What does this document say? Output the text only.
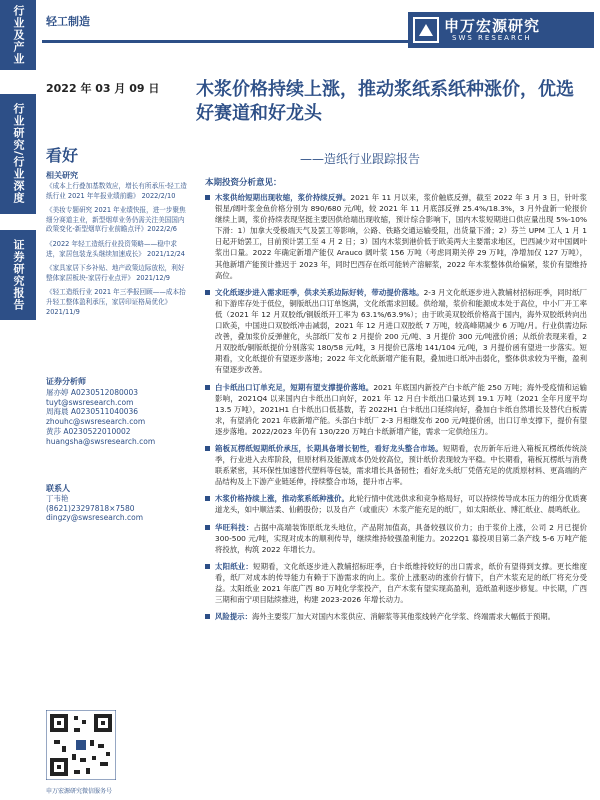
行业及产业
行业研究/行业深度
证券研究报告
轻工制造	申万宏源研究
SWS RESEARCH
2022 年 03 月 09 日 木浆价格持续上涨，推动浆纸系纸种涨价，优选好赛道和好龙头
——造纸行业跟踪报告
看好
相关研究
《成本上行叠加基数效应，增长有所承压-轻工造纸行业 2021 年年报业绩前瞻》 2022/2/10
《美妆专题研究 2021 年业绩快报，进一步聚焦细分赛道主业，新型烟草业务仍需关注美国国内政策变化-新型烟草行业前瞻点评》2022/2/6
《2022 年轻工造纸行业投资策略——稳中求进，家居包装龙头继续加速成长》 2021/12/24
《家具家居下乡补贴、地产政策边际放松，利好整体家居板块-家居行业点评》 2021/12/9
《轻工造纸行业 2021 年三季报回顾——成本抬升轻工整体盈利承压，家居印证格局优化》2021/11/9
证券分析师
屠亦婷 A0230512080003
tuyt@swsresearch.com
周海晨 A0230511040036
zhouhc@swsresearch.com
黄莎 A0230522010002
huangsha@swsresearch.com
联系人
丁韦艳
(8621)23297818×7580
dingzy@swsresearch.com
申万宏源研究微信服务号
本期投资分析意见：
木浆供给短期出现收缩，浆价持续反弹。2021 年 11 月以来，浆价触底反弹，截至 2022 年 3 月 3 日，针叶浆银星/阔叶浆金鱼价格分别为 890/680 元/吨，较 2021 年 11 月底部反弹 25.4%/18.3%，3 月外盘新一轮报价继续上调，浆价持续表现坚挺主要因供给端出现收缩，预计综合影响下，国内木浆短期进口供应量出现 5%-10%下滑：1）加拿大受极端天气及罢工等影响，公路、铁路交通运输受阻，出货量下滑；2）芬兰 UPM 工人 1 月 1 日起开始罢工，目前预计罢工至 4 月 2 日；3）国内木浆到港价低于欧美两大主要需求地区，巴西减少对中国阔叶浆出口量。2022 年确定新增产能仅 Arauco 阔叶浆 156 万吨（考虑同期关停 29 万吨，净增加仅 127 万吨），其他新增产能预计推迟于 2023 年，同时巴西存在纸可能转产溶解浆，2022 年木浆整体供给偏紧，浆价有望维持高位。
文化纸逐步进入需求旺季，供求关系边际好转，带动提价落地。2-3 月文化纸逐步进入教辅材招标旺季，同时纸厂和下游库存处于低位，铜版纸出口订单饱满，文化纸需求回暖。供给端，浆价和能源成本处于高位，中小厂开工率低（2021 年 12 月双胶纸/铜版纸开工率为 63.1%/63.9%）；由于欧美双胶纸价格高于国内，海外双胶纸转向出口欧美，中国进口双胶纸冲击减弱，2021 年 12 月进口双胶纸 7 万吨，较高峰期减少 6 万吨/月。行业供需边际改善，叠加浆价反弹催化，头部纸厂发布 2 月提价 200 元/吨、3 月提价 300 元/吨涨价函；从纸价表现来看，2 月双胶纸/铜版纸提价分别落实 180/58 元/吨，3 月提价已落地 141/104 元/吨，3 月提价函有望进一步落实。短期看，文化纸提价有望逐步落地；2022 年文化纸新增产能有限，叠加进口纸冲击弱化，整体供求较为平衡，盈利有望逐步改善。
白卡纸出口订单充足，短期有望支撑提价落地。2021 年底国内新投产白卡纸产能 250 万吨；海外受疫情和运输影响，2021Q4 以来国内白卡纸出口向好，2021 年 12 月白卡纸出口量达到 19.1 万吨（2021 全年月度平均 13.5 万吨），2021H1 白卡纸出口低基数，若 2022H1 白卡纸出口延续向好，叠加白卡纸自然增长及替代白板需求，有望消化 2021 年底新增产能。头部白卡纸厂 2-3 月相继发布 200 元/吨提价函，出口订单支撑下，提价有望逐步落地。2022/2023 年仍有 130/220 万吨白卡纸新增产能，需求一定供给压力。
箱板瓦楞纸短期纸价承压，长期具备增长韧性，看好龙头整合市场。短期看，农历新年后进入箱板瓦楞纸传统淡季，行业进入去库阶段，但原材料及能源成本仍处较高位，预计纸价表现较为平稳。中长期看，箱板瓦楞纸与消费联系紧密，其环保性加速替代塑料等包装，需求增长具备韧性；看好龙头纸厂凭借充足的优质原材料、更高端的产品结构及上下游产业链延伸，持续整合市场，提升市占率。
木浆价格持续上涨，推动浆系纸种涨价。此轮行情中优选供求和竞争格局好，可以持续传导成本压力的细分优质赛道龙头，如中顺洁柔、仙鹤股份；以及自产（或重庆）木浆产能充足的纸厂，如太阳纸业、博汇纸业、晨鸣纸业。
华旺科技：占据中高端装饰原纸龙头地位，产品附加值高，具备较强议价力；由于浆价上涨，公司 2 月已提价 300-500 元/吨，实现对成本的顺利传导，继续维持较强盈利能力。2022Q1 募投项目第二条产线 5-6 万吨产能将投放，构筑 2022 年增长力。
太阳纸业：短期看，文化纸逐步进入教辅招标旺季，白卡纸维持较好的出口需求，纸价有望得到支撑。更长维度看，纸厂对成本的传导能力有赖于下游需求的向上。浆价上涨驱动的涨价行情下，自产木浆充足的纸厂将充分受益。太阳纸业 2021 年底广西 80 万吨化学浆投产，自产木浆有望实现高盈利，造纸盈利逐步修复。中长期，广西三期和南宁项目陆续推进，构建 2023-2026 年增长动力。
风险提示：海外主要浆厂加大对国内木浆供应、消解浆等其他浆线转产化学浆、终端需求大幅低于预期。
